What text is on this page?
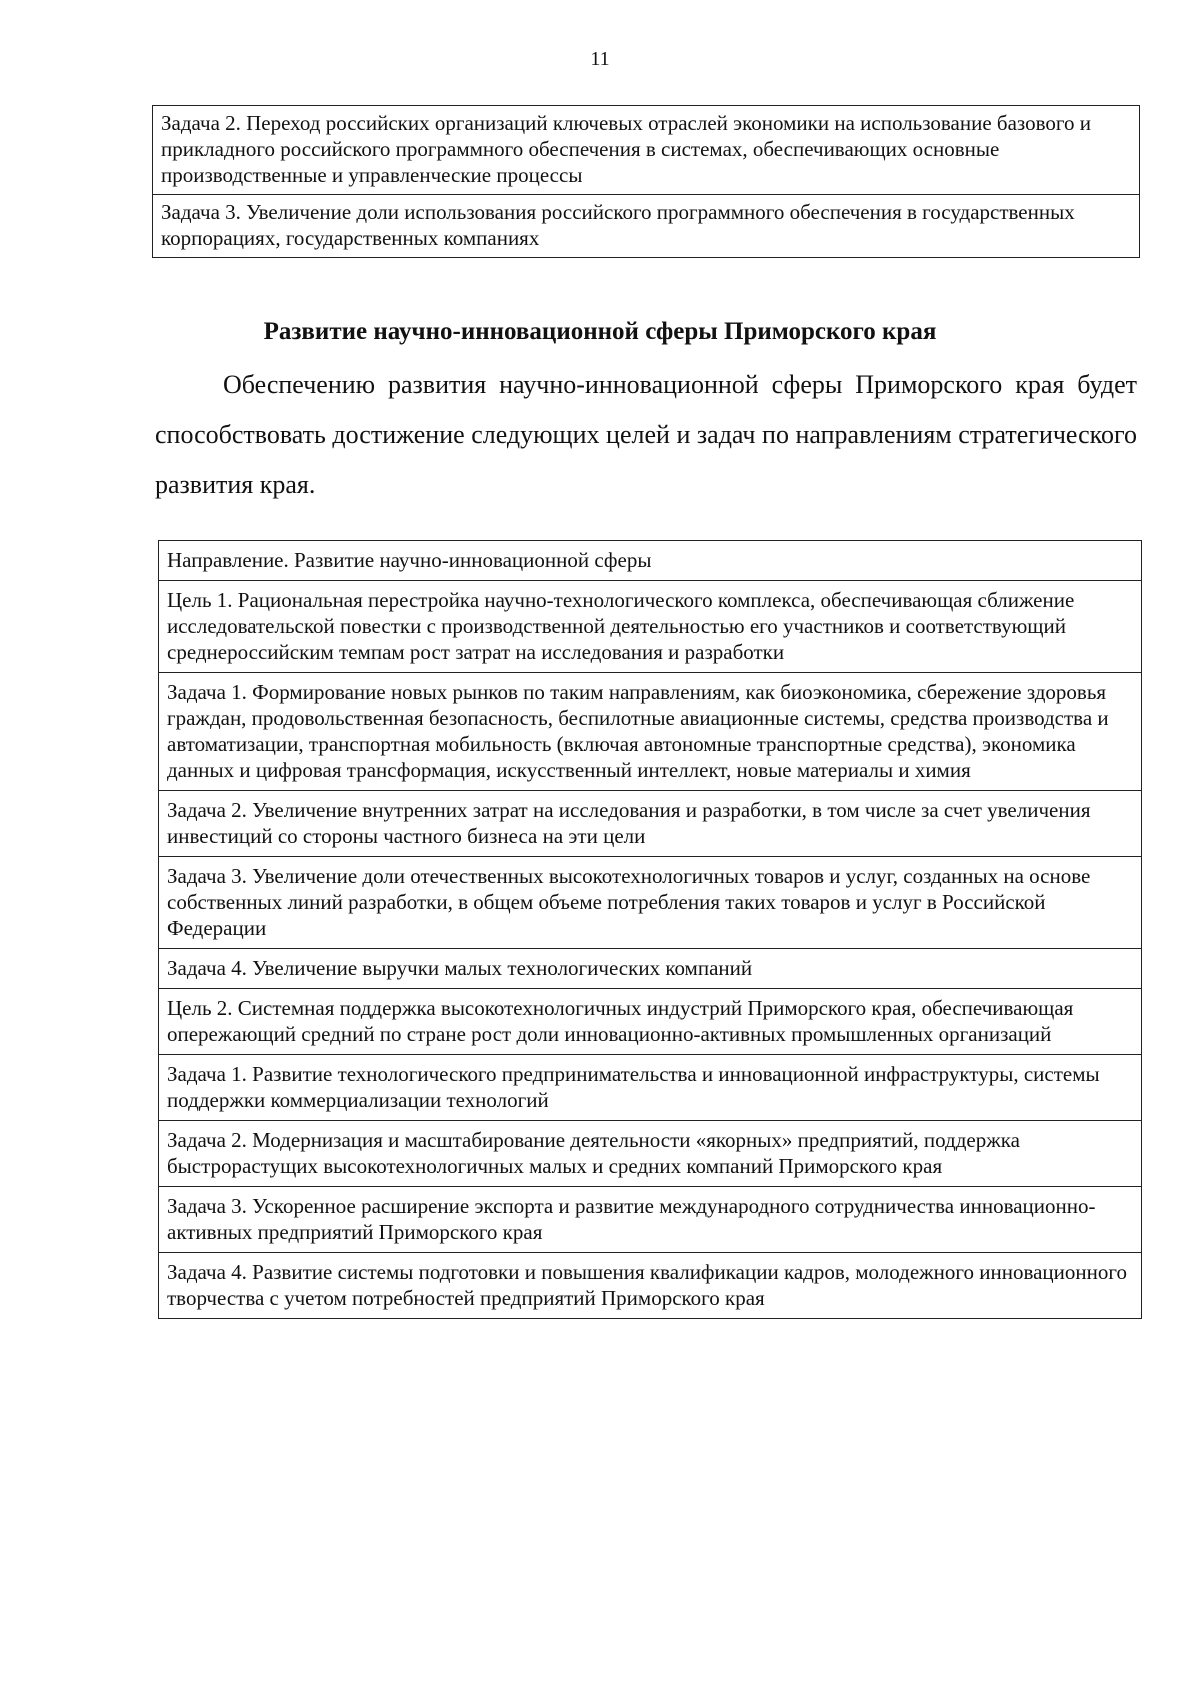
11
Задача 2. Переход российских организаций ключевых отраслей экономики на использование базового и прикладного российского программного обеспечения в системах, обеспечивающих основные производственные и управленческие процессы
Задача 3. Увеличение доли использования российского программного обеспечения в государственных корпорациях, государственных компаниях
Развитие научно-инновационной сферы Приморского края
Обеспечению развития научно-инновационной сферы Приморского края будет способствовать достижение следующих целей и задач по направлениям стратегического развития края.
Направление. Развитие научно-инновационной сферы
Цель 1. Рациональная перестройка научно-технологического комплекса, обеспечивающая сближение исследовательской повестки с производственной деятельностью его участников и соответствующий среднероссийским темпам рост затрат на исследования и разработки
Задача 1. Формирование новых рынков по таким направлениям, как биоэкономика, сбережение здоровья граждан, продовольственная безопасность, беспилотные авиационные системы, средства производства и автоматизации, транспортная мобильность (включая автономные транспортные средства), экономика данных и цифровая трансформация, искусственный интеллект, новые материалы и химия
Задача 2. Увеличение внутренних затрат на исследования и разработки, в том числе за счет увеличения инвестиций со стороны частного бизнеса на эти цели
Задача 3. Увеличение доли отечественных высокотехнологичных товаров и услуг, созданных на основе собственных линий разработки, в общем объеме потребления таких товаров и услуг в Российской Федерации
Задача 4. Увеличение выручки малых технологических компаний
Цель 2. Системная поддержка высокотехнологичных индустрий Приморского края, обеспечивающая опережающий средний по стране рост доли инновационно-активных промышленных организаций
Задача 1. Развитие технологического предпринимательства и инновационной инфраструктуры, системы поддержки коммерциализации технологий
Задача 2. Модернизация и масштабирование деятельности «якорных» предприятий, поддержка быстрорастущих высокотехнологичных малых и средних компаний Приморского края
Задача 3. Ускоренное расширение экспорта и развитие международного сотрудничества инновационно-активных предприятий Приморского края
Задача 4. Развитие системы подготовки и повышения квалификации кадров, молодежного инновационного творчества с учетом потребностей предприятий Приморского края
